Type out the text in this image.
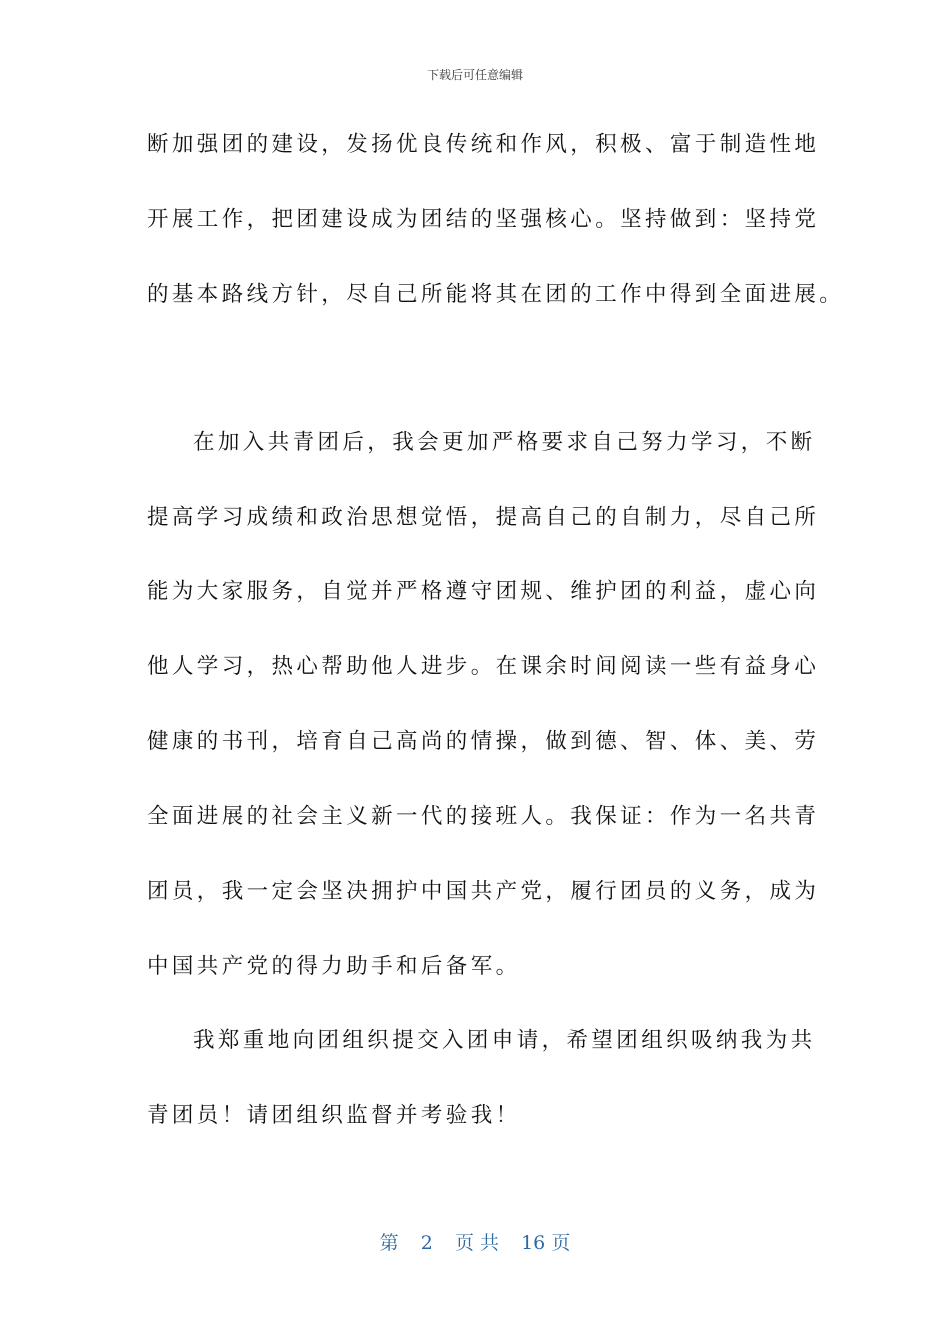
下载后可任意编辑
断加强团的建设，发扬优良传统和作风，积极、富于制造性地
开展工作，把团建设成为团结的坚强核心。坚持做到：坚持党
的基本路线方针，尽自己所能将其在团的工作中得到全面进展。
在加入共青团后，我会更加严格要求自己努力学习，不断
提高学习成绩和政治思想觉悟，提高自己的自制力，尽自己所
能为大家服务，自觉并严格遵守团规、维护团的利益，虚心向
他人学习，热心帮助他人进步。在课余时间阅读一些有益身心
健康的书刊，培育自己高尚的情操，做到德、智、体、美、劳
全面进展的社会主义新一代的接班人。我保证：作为一名共青
团员，我一定会坚决拥护中国共产党，履行团员的义务，成为
中国共产党的得力助手和后备军。
我郑重地向团组织提交入团申请，希望团组织吸纳我为共
青团员！请团组织监督并考验我！
第 2 页 共 16 页
